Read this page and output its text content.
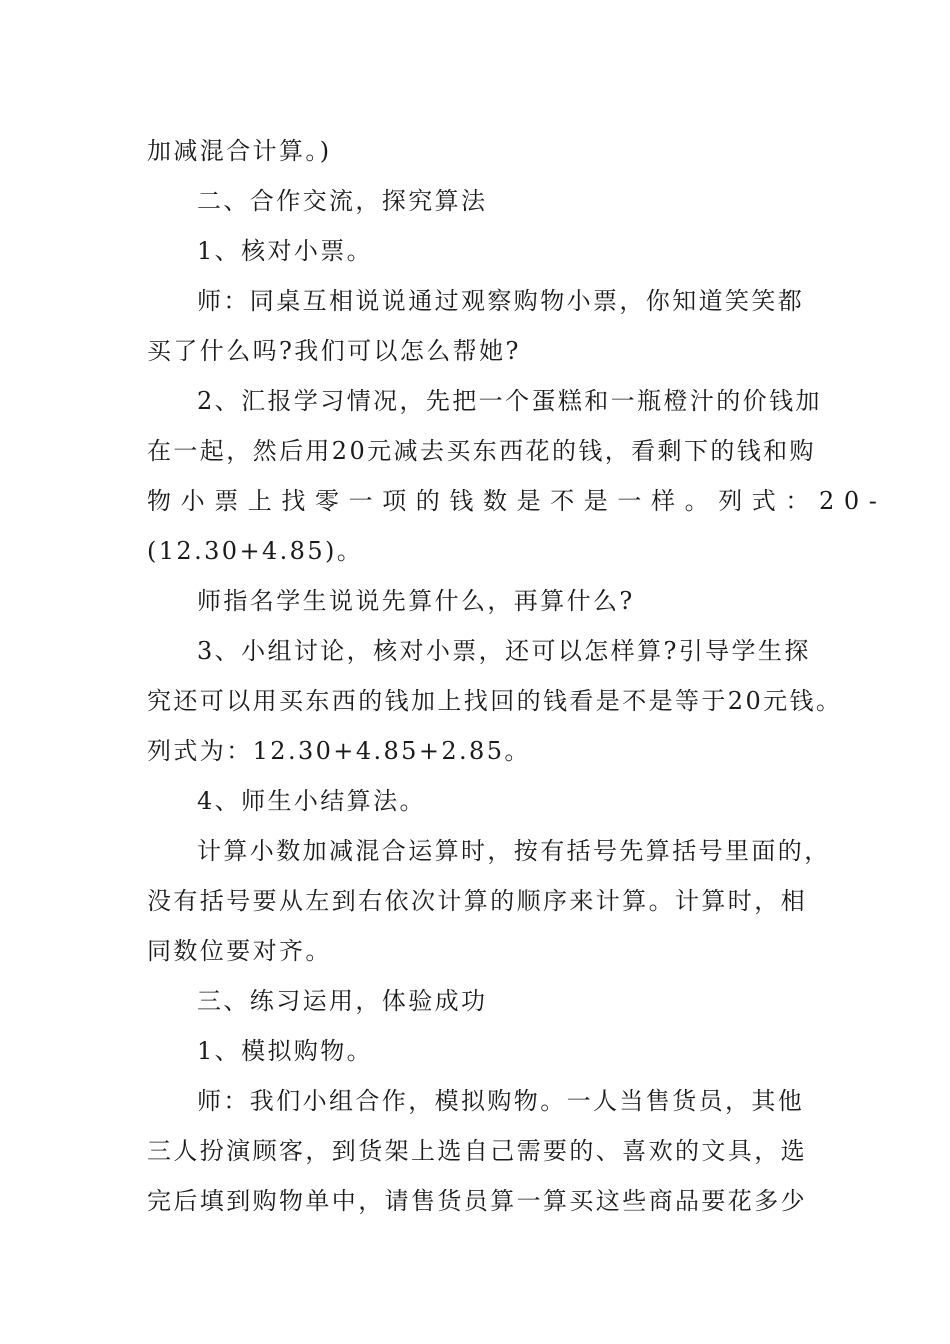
加减混合计算。)
二、合作交流，探究算法
1、核对小票。
师：同桌互相说说通过观察购物小票，你知道笑笑都
买了什么吗?我们可以怎么帮她?
2、汇报学习情况，先把一个蛋糕和一瓶橙汁的价钱加
在一起，然后用20元减去买东西花的钱，看剩下的钱和购
物小票上找零一项的钱数是不是一样。列式：20-
(12.30+4.85)。
师指名学生说说先算什么，再算什么?
3、小组讨论，核对小票，还可以怎样算?引导学生探
究还可以用买东西的钱加上找回的钱看是不是等于20元钱。
列式为：12.30+4.85+2.85。
4、师生小结算法。
计算小数加减混合运算时，按有括号先算括号里面的，
没有括号要从左到右依次计算的顺序来计算。计算时，相
同数位要对齐。
三、练习运用，体验成功
1、模拟购物。
师：我们小组合作，模拟购物。一人当售货员，其他
三人扮演顾客，到货架上选自己需要的、喜欢的文具，选
完后填到购物单中，请售货员算一算买这些商品要花多少
